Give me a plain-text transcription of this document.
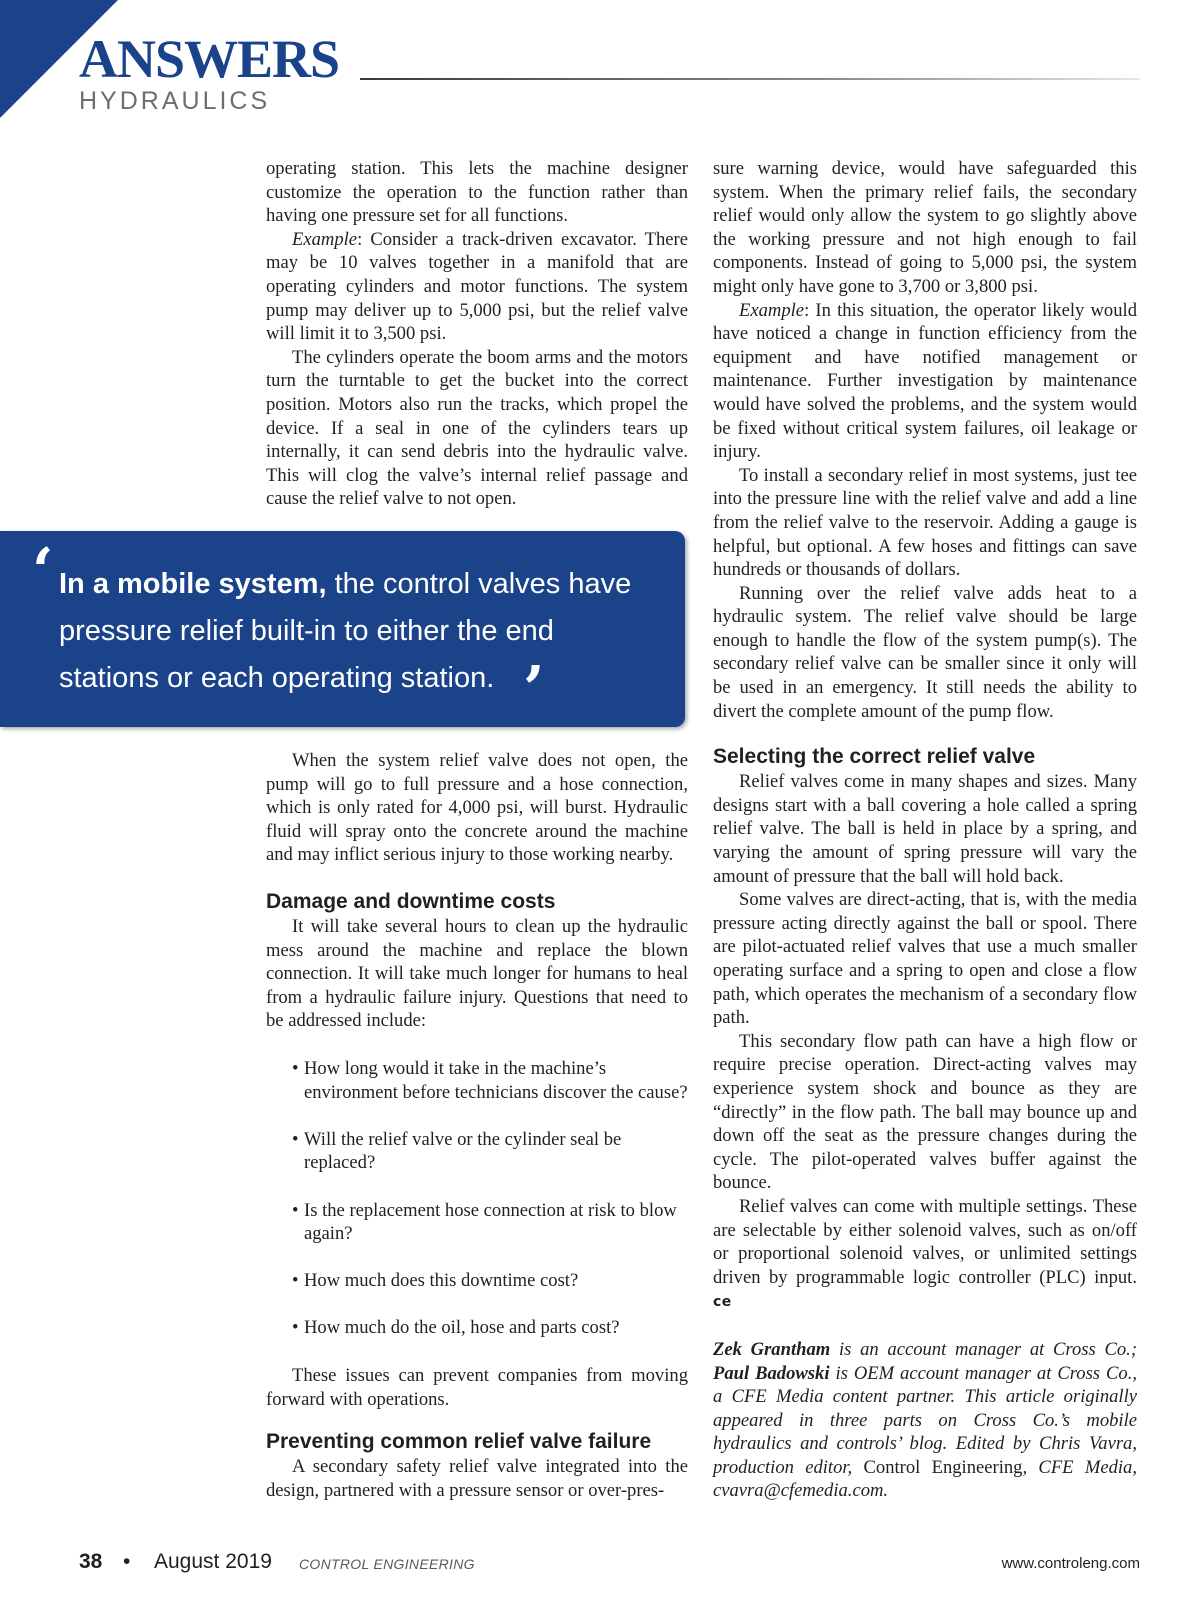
ANSWERS
HYDRAULICS

operating station. This lets the machine designer customize the operation to the function rather than having one pressure set for all functions.

Example: Consider a track-driven excavator. There may be 10 valves together in a manifold that are operating cylinders and motor functions. The system pump may deliver up to 5,000 psi, but the relief valve will limit it to 3,500 psi.

The cylinders operate the boom arms and the motors turn the turntable to get the bucket into the correct position. Motors also run the tracks, which propel the device. If a seal in one of the cylinders tears up internally, it can send debris into the hydraulic valve. This will clog the valve’s internal relief passage and cause the relief valve to not open.

In a mobile system, the control valves have pressure relief built-in to either the end stations or each operating station.
‘
’

When the system relief valve does not open, the pump will go to full pressure and a hose connection, which is only rated for 4,000 psi, will burst. Hydraulic fluid will spray onto the concrete around the machine and may inflict serious injury to those working nearby.

Damage and downtime costs

It will take several hours to clean up the hydraulic mess around the machine and replace the blown connection. It will take much longer for humans to heal from a hydraulic failure injury. Questions that need to be addressed include:

• How long would it take in the machine’s environment before technicians discover the cause?
• Will the relief valve or the cylinder seal be replaced?
• Is the replacement hose connection at risk to blow again?
• How much does this downtime cost?
• How much do the oil, hose and parts cost?

These issues can prevent companies from moving forward with operations.

Preventing common relief valve failure

A secondary safety relief valve integrated into the design, partnered with a pressure sensor or over-pres-

sure warning device, would have safeguarded this system. When the primary relief fails, the secondary relief would only allow the system to go slightly above the working pressure and not high enough to fail components. Instead of going to 5,000 psi, the system might only have gone to 3,700 or 3,800 psi.

Example: In this situation, the operator likely would have noticed a change in function efficiency from the equipment and have notified management or maintenance. Further investigation by maintenance would have solved the problems, and the system would be fixed without critical system failures, oil leakage or injury.

To install a secondary relief in most systems, just tee into the pressure line with the relief valve and add a line from the relief valve to the reservoir. Adding a gauge is helpful, but optional. A few hoses and fittings can save hundreds or thousands of dollars.

Running over the relief valve adds heat to a hydraulic system. The relief valve should be large enough to handle the flow of the system pump(s). The secondary relief valve can be smaller since it only will be used in an emergency. It still needs the ability to divert the complete amount of the pump flow.

Selecting the correct relief valve

Relief valves come in many shapes and sizes. Many designs start with a ball covering a hole called a spring relief valve. The ball is held in place by a spring, and varying the amount of spring pressure will vary the amount of pressure that the ball will hold back.

Some valves are direct-acting, that is, with the media pressure acting directly against the ball or spool. There are pilot-actuated relief valves that use a much smaller operating surface and a spring to open and close a flow path, which operates the mechanism of a secondary flow path.

This secondary flow path can have a high flow or require precise operation. Direct-acting valves may experience system shock and bounce as they are “directly” in the flow path. The ball may bounce up and down off the seat as the pressure changes during the cycle. The pilot-operated valves buffer against the bounce.

Relief valves can come with multiple settings. These are selectable by either solenoid valves, such as on/off or proportional solenoid valves, or unlimited settings driven by programmable logic controller (PLC) input. ce

Zek Grantham is an account manager at Cross Co.; Paul Badowski is OEM account manager at Cross Co., a CFE Media content partner. This article originally appeared in three parts on Cross Co.’s mobile hydraulics and controls’ blog. Edited by Chris Vavra, production editor, Control Engineering, CFE Media, cvavra@cfemedia.com.

38 • August 2019 CONTROL ENGINEERING	www.controleng.com
